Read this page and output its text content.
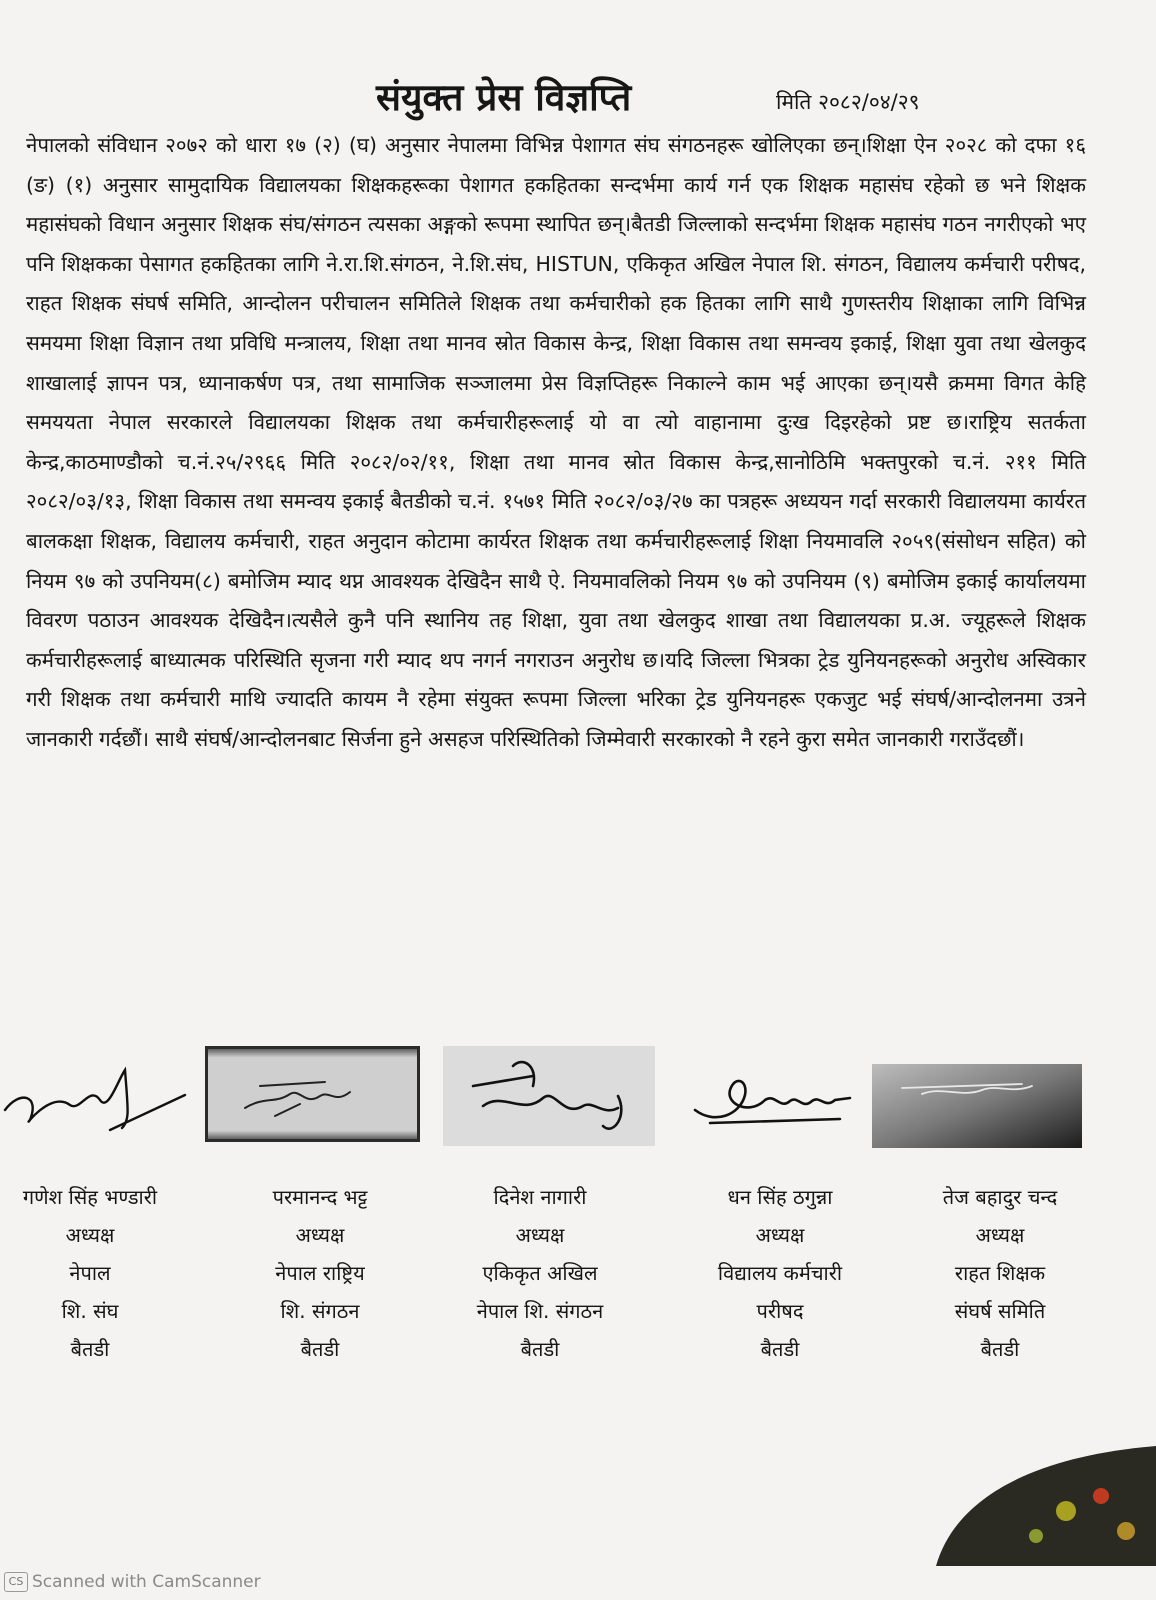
संयुक्त प्रेस विज्ञप्ति	मिति २०८२/०४/२९

नेपालको संविधान २०७२ को धारा १७ (२) (घ) अनुसार नेपालमा विभिन्न पेशागत संघ संगठनहरू खोलिएका छन्।शिक्षा ऐन २०२८ को दफा १६ (ङ) (१) अनुसार सामुदायिक विद्यालयका शिक्षकहरूका पेशागत हकहितका सन्दर्भमा कार्य गर्न एक शिक्षक महासंघ रहेको छ भने शिक्षक महासंघको विधान अनुसार शिक्षक संघ/संगठन त्यसका अङ्गको रूपमा स्थापित छन्।बैतडी जिल्लाको सन्दर्भमा शिक्षक महासंघ गठन नगरीएको भए पनि शिक्षकका पेसागत हकहितका लागि ने.रा.शि.संगठन, ने.शि.संघ, HISTUN, एकिकृत अखिल नेपाल शि. संगठन, विद्यालय कर्मचारी परीषद, राहत शिक्षक संघर्ष समिति, आन्दोलन परीचालन समितिले शिक्षक तथा कर्मचारीको हक हितका लागि साथै गुणस्तरीय शिक्षाका लागि विभिन्न समयमा शिक्षा विज्ञान तथा प्रविधि मन्त्रालय, शिक्षा तथा मानव स्रोत विकास केन्द्र, शिक्षा विकास तथा समन्वय इकाई, शिक्षा युवा तथा खेलकुद शाखालाई ज्ञापन पत्र, ध्यानाकर्षण पत्र, तथा सामाजिक सञ्जालमा प्रेस विज्ञप्तिहरू निकाल्ने काम भई आएका छन्।यसै क्रममा विगत केहि समययता नेपाल सरकारले विद्यालयका शिक्षक तथा कर्मचारीहरूलाई यो वा त्यो वाहानामा दुःख दिइरहेको प्रष्ट छ।राष्ट्रिय सतर्कता केन्द्र,काठमाण्डौको च.नं.२५/२९६६ मिति २०८२/०२/११, शिक्षा तथा मानव स्रोत विकास केन्द्र,सानोठिमि भक्तपुरको च.नं. २११ मिति २०८२/०३/१३, शिक्षा विकास तथा समन्वय इकाई बैतडीको च.नं. १५७१ मिति २०८२/०३/२७ का पत्रहरू अध्ययन गर्दा सरकारी विद्यालयमा कार्यरत बालकक्षा शिक्षक, विद्यालय कर्मचारी, राहत अनुदान कोटामा कार्यरत शिक्षक तथा कर्मचारीहरूलाई शिक्षा नियमावलि २०५९(संसोधन सहित) को नियम ९७ को उपनियम(८) बमोजिम म्याद थप्न आवश्यक देखिदैन साथै ऐ. नियमावलिको नियम ९७ को उपनियम (९) बमोजिम इकाई कार्यालयमा विवरण पठाउन आवश्यक देखिदैन।त्यसैले कुनै पनि स्थानिय तह शिक्षा, युवा तथा खेलकुद शाखा तथा विद्यालयका प्र.अ. ज्यूहरूले शिक्षक कर्मचारीहरूलाई बाध्यात्मक परिस्थिति सृजना गरी म्याद थप नगर्न नगराउन अनुरोध छ।यदि जिल्ला भित्रका ट्रेड युनियनहरूको अनुरोध अस्विकार गरी शिक्षक तथा कर्मचारी माथि ज्यादति कायम नै रहेमा संयुक्त रूपमा जिल्ला भरिका ट्रेड युनियनहरू एकजुट भई संघर्ष/आन्दोलनमा उत्रने जानकारी गर्दछौं। साथै संघर्ष/आन्दोलनबाट सिर्जना हुने असहज परिस्थितिको जिम्मेवारी सरकारको नै रहने कुरा समेत जानकारी गराउँदछौं।

गणेश सिंह भण्डारी
अध्यक्ष
नेपाल
शि. संघ
बैतडी
परमानन्द भट्ट
अध्यक्ष
नेपाल राष्ट्रिय
शि. संगठन
बैतडी
दिनेश नागारी
अध्यक्ष
एकिकृत अखिल
नेपाल शि. संगठन
बैतडी
धन सिंह ठगुन्ना
अध्यक्ष
विद्यालय कर्मचारी
परीषद
बैतडी
तेज बहादुर चन्द
अध्यक्ष
राहत शिक्षक
संघर्ष समिति
बैतडी
CS Scanned with CamScanner
